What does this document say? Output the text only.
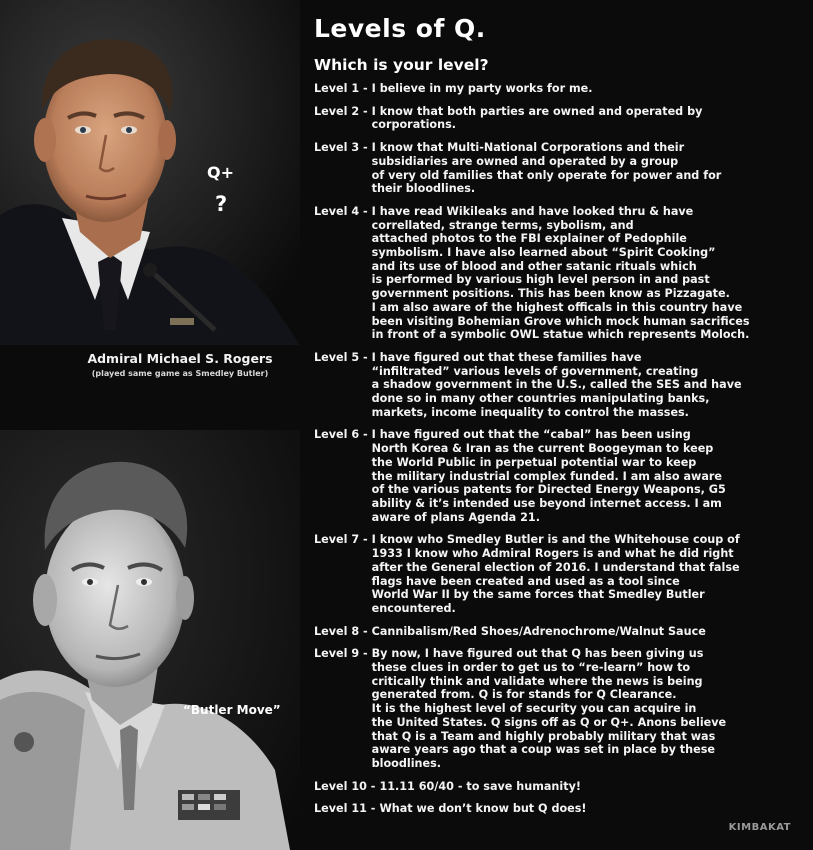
Q+
?
Admiral Michael S. Rogers
(played same game as Smedley Butler)
“Butler Move”
Levels of Q.
Which is your level?
Level 1 - I believe in my party works for me.
Level 2 - I know that both parties are owned and operated by
corporations.
Level 3 - I know that Multi-National Corporations and their
subsidiaries are owned and operated by a group
of very old families that only operate for power and for
their bloodlines.
Level 4 - I have read Wikileaks and have looked thru & have
correllated, strange terms, sybolism, and
attached photos to the FBI explainer of Pedophile
symbolism. I have also learned about “Spirit Cooking”
and its use of blood and other satanic rituals which
is performed by various high level person in and past
government positions. This has been know as Pizzagate.
I am also aware of the highest officals in this country have
been visiting Bohemian Grove which mock human sacrifices
in front of a symbolic OWL statue which represents Moloch.
Level 5 - I have figured out that these families have
“infiltrated” various levels of government, creating
a shadow government in the U.S., called the SES and have
done so in many other countries manipulating banks,
markets, income inequality to control the masses.
Level 6 - I have figured out that the “cabal” has been using
North Korea & Iran as the current Boogeyman to keep
the World Public in perpetual potential war to keep
the military industrial complex funded. I am also aware
of the various patents for Directed Energy Weapons, G5
ability & it’s intended use beyond internet access. I am
aware of plans Agenda 21.
Level 7 - I know who Smedley Butler is and the Whitehouse coup of
1933 I know who Admiral Rogers is and what he did right
after the General election of 2016. I understand that false
flags have been created and used as a tool since
World War II by the same forces that Smedley Butler
encountered.
Level 8 - Cannibalism/Red Shoes/Adrenochrome/Walnut Sauce
Level 9 - By now, I have figured out that Q has been giving us
these clues in order to get us to “re-learn” how to
critically think and validate where the news is being
generated from. Q is for stands for Q Clearance.
It is the highest level of security you can acquire in
the United States. Q signs off as Q or Q+. Anons believe
that Q is a Team and highly probably military that was
aware years ago that a coup was set in place by these
bloodlines.
Level 10 - 11.11 60/40 - to save humanity!
Level 11 - What we don’t know but Q does!
KIMBAKAT
